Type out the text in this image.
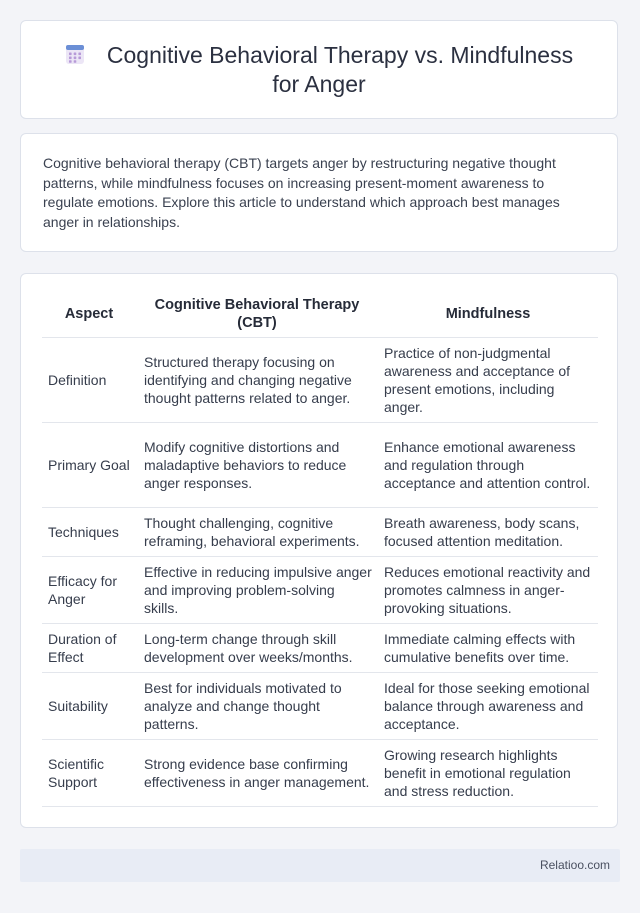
Cognitive Behavioral Therapy vs. Mindfulness for Anger
Cognitive behavioral therapy (CBT) targets anger by restructuring negative thought patterns, while mindfulness focuses on increasing present-moment awareness to regulate emotions. Explore this article to understand which approach best manages anger in relationships.
Aspect	Cognitive Behavioral Therapy (CBT)	Mindfulness
Definition	Structured therapy focusing on identifying and changing negative thought patterns related to anger.	Practice of non-judgmental awareness and acceptance of present emotions, including anger.
Primary Goal	Modify cognitive distortions and maladaptive behaviors to reduce anger responses.	Enhance emotional awareness and regulation through acceptance and attention control.
Techniques	Thought challenging, cognitive reframing, behavioral experiments.	Breath awareness, body scans, focused attention meditation.
Efficacy for Anger	Effective in reducing impulsive anger and improving problem-solving skills.	Reduces emotional reactivity and promotes calmness in anger-provoking situations.
Duration of Effect	Long-term change through skill development over weeks/months.	Immediate calming effects with cumulative benefits over time.
Suitability	Best for individuals motivated to analyze and change thought patterns.	Ideal for those seeking emotional balance through awareness and acceptance.
Scientific Support	Strong evidence base confirming effectiveness in anger management.	Growing research highlights benefit in emotional regulation and stress reduction.
Relatioo.com
